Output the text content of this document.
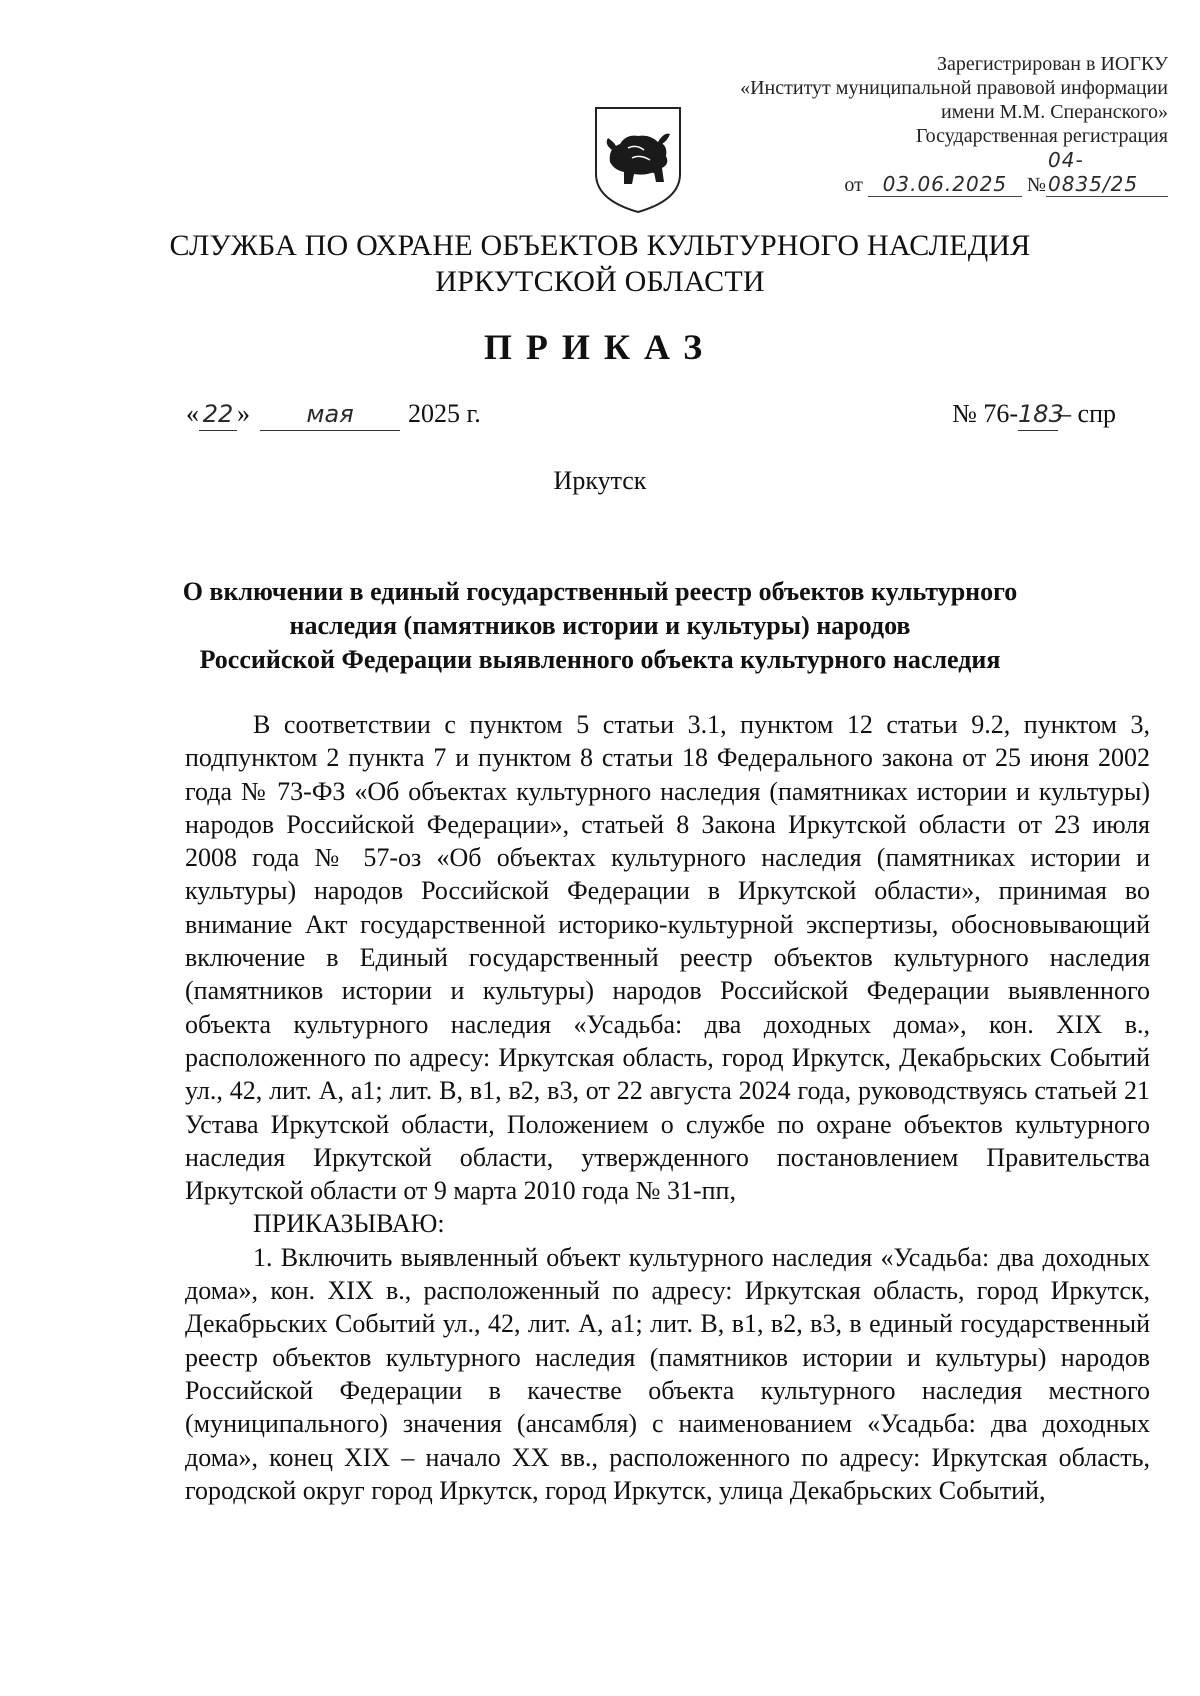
Зарегистрирован в ИОГКУ
«Институт муниципальной правовой информации
имени М.М. Сперанского»
Государственная регистрация
от 03.06.2025 №04-0835/25
СЛУЖБА ПО ОХРАНЕ ОБЪЕКТОВ КУЛЬТУРНОГО НАСЛЕДИЯ
ИРКУТСКОЙ ОБЛАСТИ
ПРИКАЗ
« 22 » мая 2025 г.	№ 76-183– спр
Иркутск
О включении в единый государственный реестр объектов культурного
наследия (памятников истории и культуры) народов
Российской Федерации выявленного объекта культурного наследия

В соответствии с пунктом 5 статьи 3.1, пунктом 12 статьи 9.2, пунктом 3, подпунктом 2 пункта 7 и пунктом 8 статьи 18 Федерального закона от 25 июня 2002 года № 73-ФЗ «Об объектах культурного наследия (памятниках истории и культуры) народов Российской Федерации», статьей 8 Закона Иркутской области от 23 июля 2008 года № 57-оз «Об объектах культурного наследия (памятниках истории и культуры) народов Российской Федерации в Иркутской области», принимая во внимание Акт государственной историко-культурной экспертизы, обосновывающий включение в Единый государственный реестр объектов культурного наследия (памятников истории и культуры) народов Российской Федерации выявленного объекта культурного наследия «Усадьба: два доходных дома», кон. XIX в., расположенного по адресу: Иркутская область, город Иркутск, Декабрьских Событий ул., 42, лит. А, а1; лит. В, в1, в2, в3, от 22 августа 2024 года, руководствуясь статьей 21 Устава Иркутской области, Положением о службе по охране объектов культурного наследия Иркутской области, утвержденного постановлением Правительства Иркутской области от 9 марта 2010 года № 31-пп,

ПРИКАЗЫВАЮ:

1. Включить выявленный объект культурного наследия «Усадьба: два доходных дома», кон. XIX в., расположенный по адресу: Иркутская область, город Иркутск, Декабрьских Событий ул., 42, лит. А, а1; лит. В, в1, в2, в3, в единый государственный реестр объектов культурного наследия (памятников истории и культуры) народов Российской Федерации в качестве объекта культурного наследия местного (муниципального) значения (ансамбля) с наименованием «Усадьба: два доходных дома», конец XIX – начало XX вв., расположенного по адресу: Иркутская область, городской округ город Иркутск, город Иркутск, улица Декабрьских Событий,
